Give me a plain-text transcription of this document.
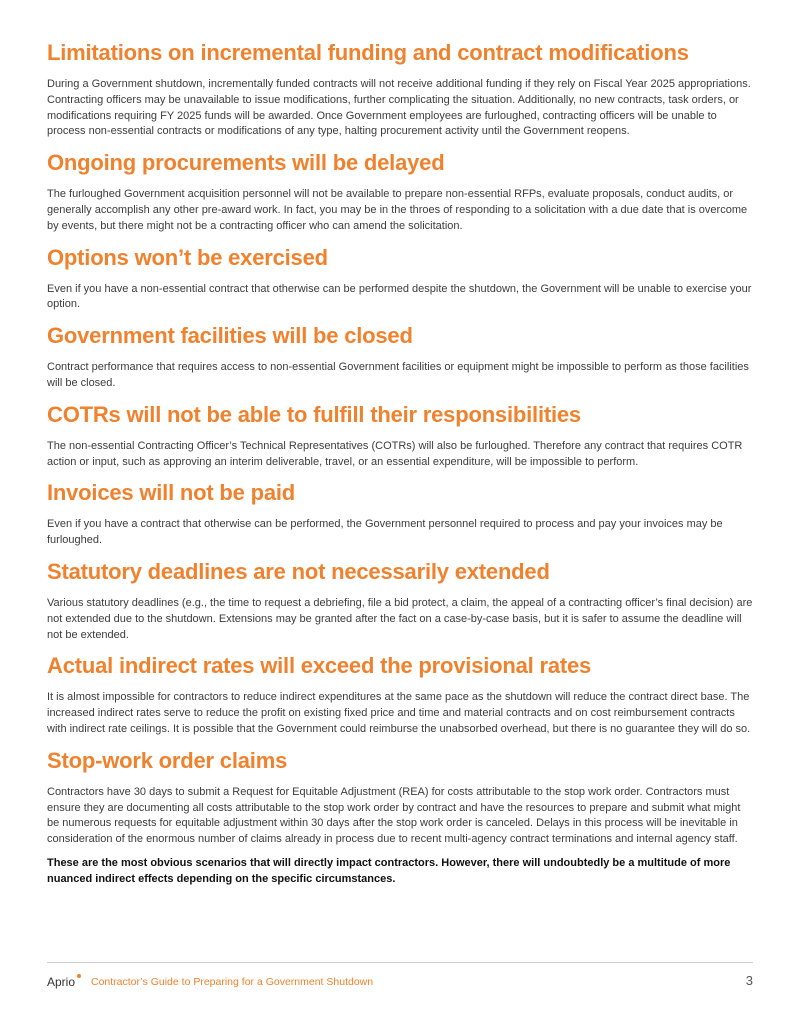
Limitations on incremental funding and contract modifications

During a Government shutdown, incrementally funded contracts will not receive additional funding if they rely on Fiscal Year 2025 appropriations. Contracting officers may be unavailable to issue modifications, further complicating the situation. Additionally, no new contracts, task orders, or modifications requiring FY 2025 funds will be awarded. Once Government employees are furloughed, contracting officers will be unable to process non-essential contracts or modifications of any type, halting procurement activity until the Government reopens.

Ongoing procurements will be delayed

The furloughed Government acquisition personnel will not be available to prepare non-essential RFPs, evaluate proposals, conduct audits, or generally accomplish any other pre-award work. In fact, you may be in the throes of responding to a solicitation with a due date that is overcome by events, but there might not be a contracting officer who can amend the solicitation.

Options won’t be exercised

Even if you have a non-essential contract that otherwise can be performed despite the shutdown, the Government will be unable to exercise your option.

Government facilities will be closed

Contract performance that requires access to non-essential Government facilities or equipment might be impossible to perform as those facilities will be closed.

COTRs will not be able to fulfill their responsibilities

The non-essential Contracting Officer’s Technical Representatives (COTRs) will also be furloughed. Therefore any contract that requires COTR action or input, such as approving an interim deliverable, travel, or an essential expenditure, will be impossible to perform.

Invoices will not be paid

Even if you have a contract that otherwise can be performed, the Government personnel required to process and pay your invoices may be furloughed.

Statutory deadlines are not necessarily extended

Various statutory deadlines (e.g., the time to request a debriefing, file a bid protect, a claim, the appeal of a contracting officer’s final decision) are not extended due to the shutdown. Extensions may be granted after the fact on a case-by-case basis, but it is safer to assume the deadline will not be extended.

Actual indirect rates will exceed the provisional rates

It is almost impossible for contractors to reduce indirect expenditures at the same pace as the shutdown will reduce the contract direct base. The increased indirect rates serve to reduce the profit on existing fixed price and time and material contracts and on cost reimbursement contracts with indirect rate ceilings. It is possible that the Government could reimburse the unabsorbed overhead, but there is no guarantee they will do so.

Stop-work order claims

Contractors have 30 days to submit a Request for Equitable Adjustment (REA) for costs attributable to the stop work order. Contractors must ensure they are documenting all costs attributable to the stop work order by contract and have the resources to prepare and submit what might be numerous requests for equitable adjustment within 30 days after the stop work order is canceled. Delays in this process will be inevitable in consideration of the enormous number of claims already in process due to recent multi-agency contract terminations and internal agency staff.

These are the most obvious scenarios that will directly impact contractors. However, there will undoubtedly be a multitude of more nuanced indirect effects depending on the specific circumstances.

Aprio Contractor’s Guide to Preparing for a Government Shutdown	3
